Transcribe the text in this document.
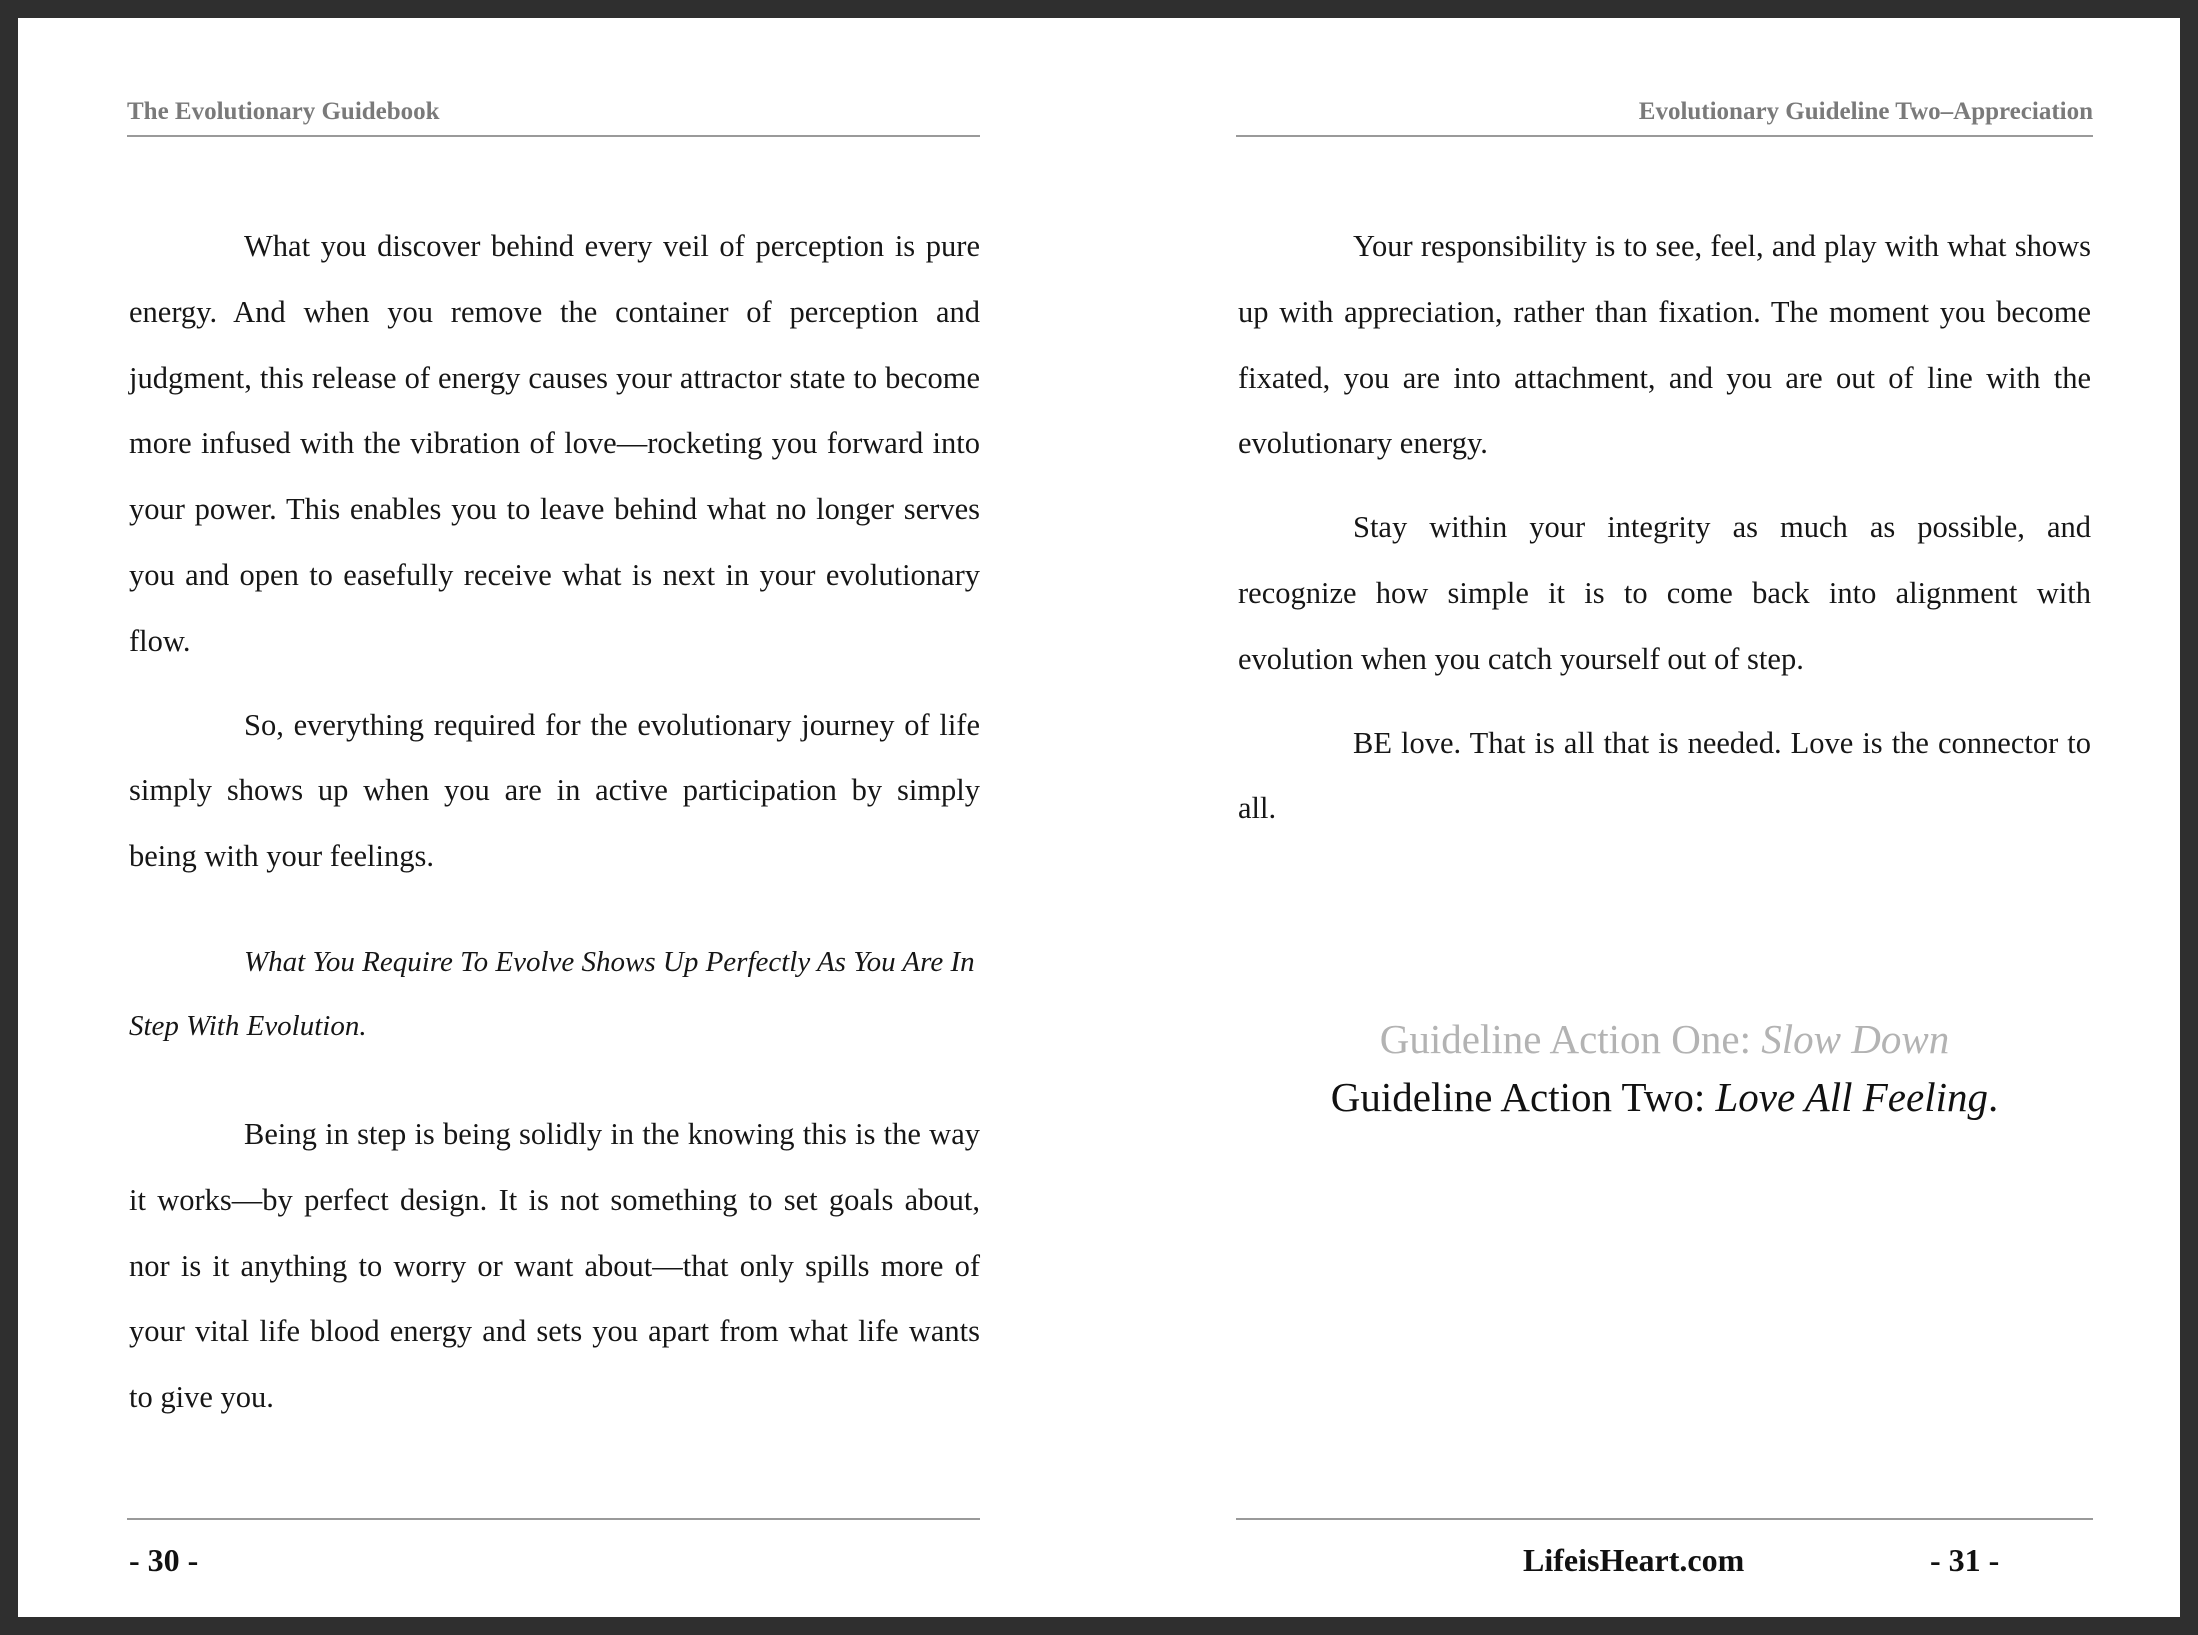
The Evolutionary Guidebook

What you discover behind every veil of perception is pure energy. And when you remove the container of perception and judgment, this release of energy causes your attractor state to become more infused with the vibration of love—rocketing you forward into your power. This enables you to leave behind what no longer serves you and open to easefully receive what is next in your evolutionary flow.

So, everything required for the evolutionary journey of life simply shows up when you are in active participation by simply being with your feelings.

What You Require To Evolve Shows Up Perfectly As You Are In Step With Evolution.

Being in step is being solidly in the knowing this is the way it works—by perfect design. It is not something to set goals about, nor is it anything to worry or want about—that only spills more of your vital life blood energy and sets you apart from what life wants to give you.

- 30 -
Evolutionary Guideline Two–Appreciation

Your responsibility is to see, feel, and play with what shows up with appreciation, rather than fixation. The moment you become fixated, you are into attachment, and you are out of line with the evolutionary energy.

Stay within your integrity as much as possible, and recognize how simple it is to come back into alignment with evolution when you catch yourself out of step.

BE love. That is all that is needed. Love is the connector to all.

Guideline Action One: Slow Down
Guideline Action Two: Love All Feeling.
LifeisHeart.com	- 31 -
